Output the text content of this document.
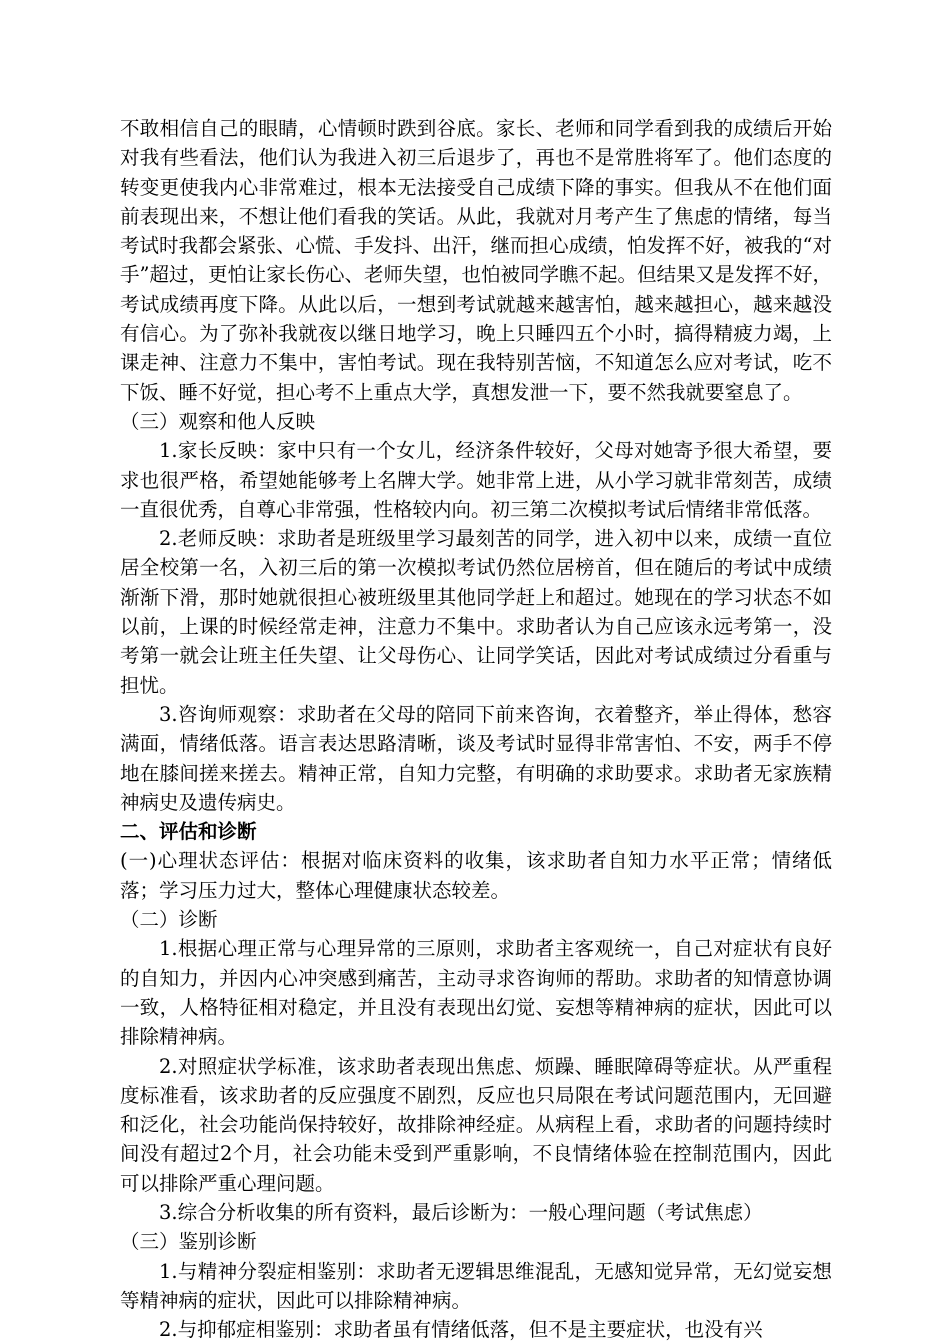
不敢相信自己的眼睛，心情顿时跌到谷底。家长、老师和同学看到我的成绩后开始对我有些看法，他们认为我进入初三后退步了，再也不是常胜将军了。他们态度的转变更使我内心非常难过，根本无法接受自己成绩下降的事实。但我从不在他们面前表现出来，不想让他们看我的笑话。从此，我就对月考产生了焦虑的情绪，每当考试时我都会紧张、心慌、手发抖、出汗，继而担心成绩，怕发挥不好，被我的“对手”超过，更怕让家长伤心、老师失望，也怕被同学瞧不起。但结果又是发挥不好，考试成绩再度下降。从此以后，一想到考试就越来越害怕，越来越担心，越来越没有信心。为了弥补我就夜以继日地学习，晚上只睡四五个小时，搞得精疲力竭，上课走神、注意力不集中，害怕考试。现在我特别苦恼，不知道怎么应对考试，吃不下饭、睡不好觉，担心考不上重点大学，真想发泄一下，要不然我就要窒息了。

（三）观察和他人反映

1.家长反映：家中只有一个女儿，经济条件较好，父母对她寄予很大希望，要求也很严格，希望她能够考上名牌大学。她非常上进，从小学习就非常刻苦，成绩一直很优秀，自尊心非常强，性格较内向。初三第二次模拟考试后情绪非常低落。

2.老师反映：求助者是班级里学习最刻苦的同学，进入初中以来，成绩一直位居全校第一名，入初三后的第一次模拟考试仍然位居榜首，但在随后的考试中成绩渐渐下滑，那时她就很担心被班级里其他同学赶上和超过。她现在的学习状态不如以前，上课的时候经常走神，注意力不集中。求助者认为自己应该永远考第一，没考第一就会让班主任失望、让父母伤心、让同学笑话，因此对考试成绩过分看重与担忧。

3.咨询师观察：求助者在父母的陪同下前来咨询，衣着整齐，举止得体，愁容满面，情绪低落。语言表达思路清晰，谈及考试时显得非常害怕、不安，两手不停地在膝间搓来搓去。精神正常，自知力完整，有明确的求助要求。求助者无家族精神病史及遗传病史。

二、评估和诊断

(一)心理状态评估：根据对临床资料的收集，该求助者自知力水平正常；情绪低落；学习压力过大，整体心理健康状态较差。

（二）诊断

1.根据心理正常与心理异常的三原则，求助者主客观统一，自己对症状有良好的自知力，并因内心冲突感到痛苦，主动寻求咨询师的帮助。求助者的知情意协调一致，人格特征相对稳定，并且没有表现出幻觉、妄想等精神病的症状，因此可以排除精神病。

2.对照症状学标准，该求助者表现出焦虑、烦躁、睡眠障碍等症状。从严重程度标准看，该求助者的反应强度不剧烈，反应也只局限在考试问题范围内，无回避和泛化，社会功能尚保持较好，故排除神经症。从病程上看，求助者的问题持续时间没有超过2个月，社会功能未受到严重影响，不良情绪体验在控制范围内，因此可以排除严重心理问题。

3.综合分析收集的所有资料，最后诊断为：一般心理问题（考试焦虑）

（三）鉴别诊断

1.与精神分裂症相鉴别：求助者无逻辑思维混乱，无感知觉异常，无幻觉妄想等精神病的症状，因此可以排除精神病。

2.与抑郁症相鉴别：求助者虽有情绪低落，但不是主要症状，也没有兴
